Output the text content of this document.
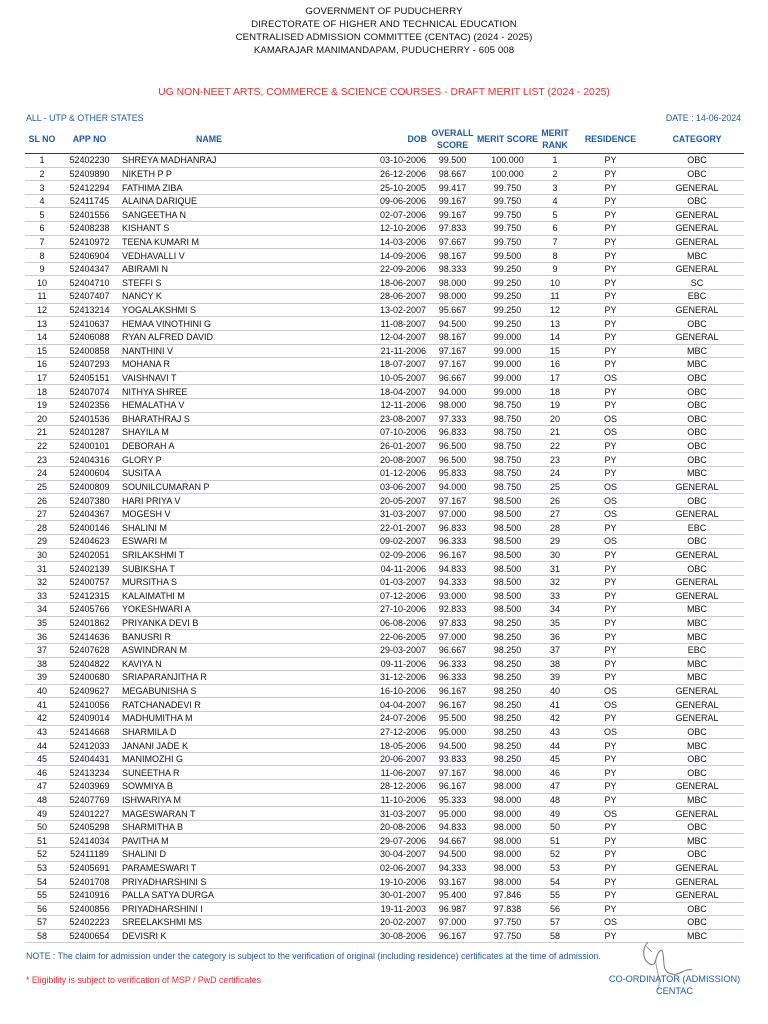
GOVERNMENT OF PUDUCHERRY
DIRECTORATE OF HIGHER AND TECHNICAL EDUCATION
CENTRALISED ADMISSION COMMITTEE (CENTAC) (2024 - 2025)
KAMARAJAR MANIMANDAPAM, PUDUCHERRY - 605 008
UG NON-NEET ARTS, COMMERCE & SCIENCE COURSES - DRAFT MERIT LIST (2024 - 2025)
ALL - UTP & OTHER STATES	DATE : 14-06-2024
SL NO	APP NO	NAME	DOB	OVERALL SCORE	MERIT SCORE	MERIT RANK	RESIDENCE	CATEGORY
1	52402230	SHREYA MADHANRAJ	03-10-2006	99.500	100.000	1	PY	OBC
2	52409890	NIKETH P P	26-12-2006	98.667	100.000	2	PY	OBC
3	52412294	FATHIMA ZIBA	25-10-2005	99.417	99.750	3	PY	GENERAL
4	52411745	ALAINA DARIQUE	09-06-2006	99.167	99.750	4	PY	OBC
5	52401556	SANGEETHA N	02-07-2006	99.167	99.750	5	PY	GENERAL
6	52408238	KISHANT S	12-10-2006	97.833	99.750	6	PY	GENERAL
7	52410972	TEENA KUMARI M	14-03-2006	97.667	99.750	7	PY	GENERAL
8	52406904	VEDHAVALLI V	14-09-2006	98.167	99.500	8	PY	MBC
9	52404347	ABIRAMI N	22-09-2006	98.333	99.250	9	PY	GENERAL
10	52404710	STEFFI S	18-06-2007	98.000	99.250	10	PY	SC
11	52407407	NANCY K	28-06-2007	98.000	99.250	11	PY	EBC
12	52413214	YOGALAKSHMI S	13-02-2007	95.667	99.250	12	PY	GENERAL
13	52410637	HEMAA VINOTHINI G	11-08-2007	94.500	99.250	13	PY	OBC
14	52406088	RYAN ALFRED DAVID	12-04-2007	98.167	99.000	14	PY	GENERAL
15	52400858	NANTHINI V	21-11-2006	97.167	99.000	15	PY	MBC
16	52407293	MOHANA R	18-07-2007	97.167	99.000	16	PY	MBC
17	52405151	VAISHNAVI T	10-05-2007	96.667	99.000	17	OS	OBC
18	52407074	NITHYA SHREE	18-04-2007	94.000	99.000	18	PY	OBC
19	52402356	HEMALATHA V	12-11-2006	98.000	98.750	19	PY	OBC
20	52401536	BHARATHRAJ S	23-08-2007	97.333	98.750	20	OS	OBC
21	52401287	SHAYILA M	07-10-2006	96.833	98.750	21	OS	OBC
22	52400101	DEBORAH A	26-01-2007	96.500	98.750	22	PY	OBC
23	52404316	GLORY P	20-08-2007	96.500	98.750	23	PY	OBC
24	52400604	SUSITA A	01-12-2006	95.833	98.750	24	PY	MBC
25	52400809	SOUNILCUMARAN P	03-06-2007	94.000	98.750	25	OS	GENERAL
26	52407380	HARI PRIYA V	20-05-2007	97.167	98.500	26	OS	OBC
27	52404367	MOGESH V	31-03-2007	97.000	98.500	27	OS	GENERAL
28	52400146	SHALINI M	22-01-2007	96.833	98.500	28	PY	EBC
29	52404623	ESWARI M	09-02-2007	96.333	98.500	29	OS	OBC
30	52402051	SRILAKSHMI T	02-09-2006	96.167	98.500	30	PY	GENERAL
31	52402139	SUBIKSHA T	04-11-2006	94.833	98.500	31	PY	OBC
32	52400757	MURSITHA S	01-03-2007	94.333	98.500	32	PY	GENERAL
33	52412315	KALAIMATHI M	07-12-2006	93.000	98.500	33	PY	GENERAL
34	52405766	YOKESHWARI A	27-10-2006	92.833	98.500	34	PY	MBC
35	52401862	PRIYANKA DEVI B	06-08-2006	97.833	98.250	35	PY	MBC
36	52414636	BANUSRI R	22-06-2005	97.000	98.250	36	PY	MBC
37	52407628	ASWINDRAN M	29-03-2007	96.667	98.250	37	PY	EBC
38	52404822	KAVIYA N	09-11-2006	96.333	98.250	38	PY	MBC
39	52400680	SRIAPARANJITHA R	31-12-2006	96.333	98.250	39	PY	MBC
40	52409627	MEGABUNISHA S	16-10-2006	96.167	98.250	40	OS	GENERAL
41	52410056	RATCHANADEVI R	04-04-2007	96.167	98.250	41	OS	GENERAL
42	52409014	MADHUMITHA M	24-07-2006	95.500	98.250	42	PY	GENERAL
43	52414668	SHARMILA D	27-12-2006	95.000	98.250	43	OS	OBC
44	52412033	JANANI JADE K	18-05-2006	94.500	98.250	44	PY	MBC
45	52404431	MANIMOZHI G	20-06-2007	93.833	98.250	45	PY	OBC
46	52413234	SUNEETHA R	11-06-2007	97.167	98.000	46	PY	OBC
47	52403969	SOWMIYA B	28-12-2006	96.167	98.000	47	PY	GENERAL
48	52407769	ISHWARIYA M	11-10-2006	95.333	98.000	48	PY	MBC
49	52401227	MAGESWARAN T	31-03-2007	95.000	98.000	49	OS	GENERAL
50	52405298	SHARMITHA B	20-08-2006	94.833	98.000	50	PY	OBC
51	52414034	PAVITHA M	29-07-2006	94.667	98.000	51	PY	MBC
52	52411189	SHALINI D	30-04-2007	94.500	98.000	52	PY	OBC
53	52405691	PARAMESWARI T	02-06-2007	94.333	98.000	53	PY	GENERAL
54	52401708	PRIYADHARSHINI S	19-10-2006	93.167	98.000	54	PY	GENERAL
55	52410916	PALLA SATYA DURGA	30-01-2007	95.400	97.846	55	PY	GENERAL
56	52400856	PRIYADHARSHINI I	19-11-2003	96.987	97.838	56	PY	OBC
57	52402223	SREELAKSHMI MS	20-02-2007	97.000	97.750	57	OS	OBC
58	52400654	DEVISRI K	30-08-2006	96.167	97.750	58	PY	MBC
NOTE : The claim for admission under the category is subject to the verification of original (including residence) certificates at the time of admission.
* Eligibility is subject to verification of MSP / PwD certificates	CO-ORDINATOR (ADMISSION)
CENTAC
